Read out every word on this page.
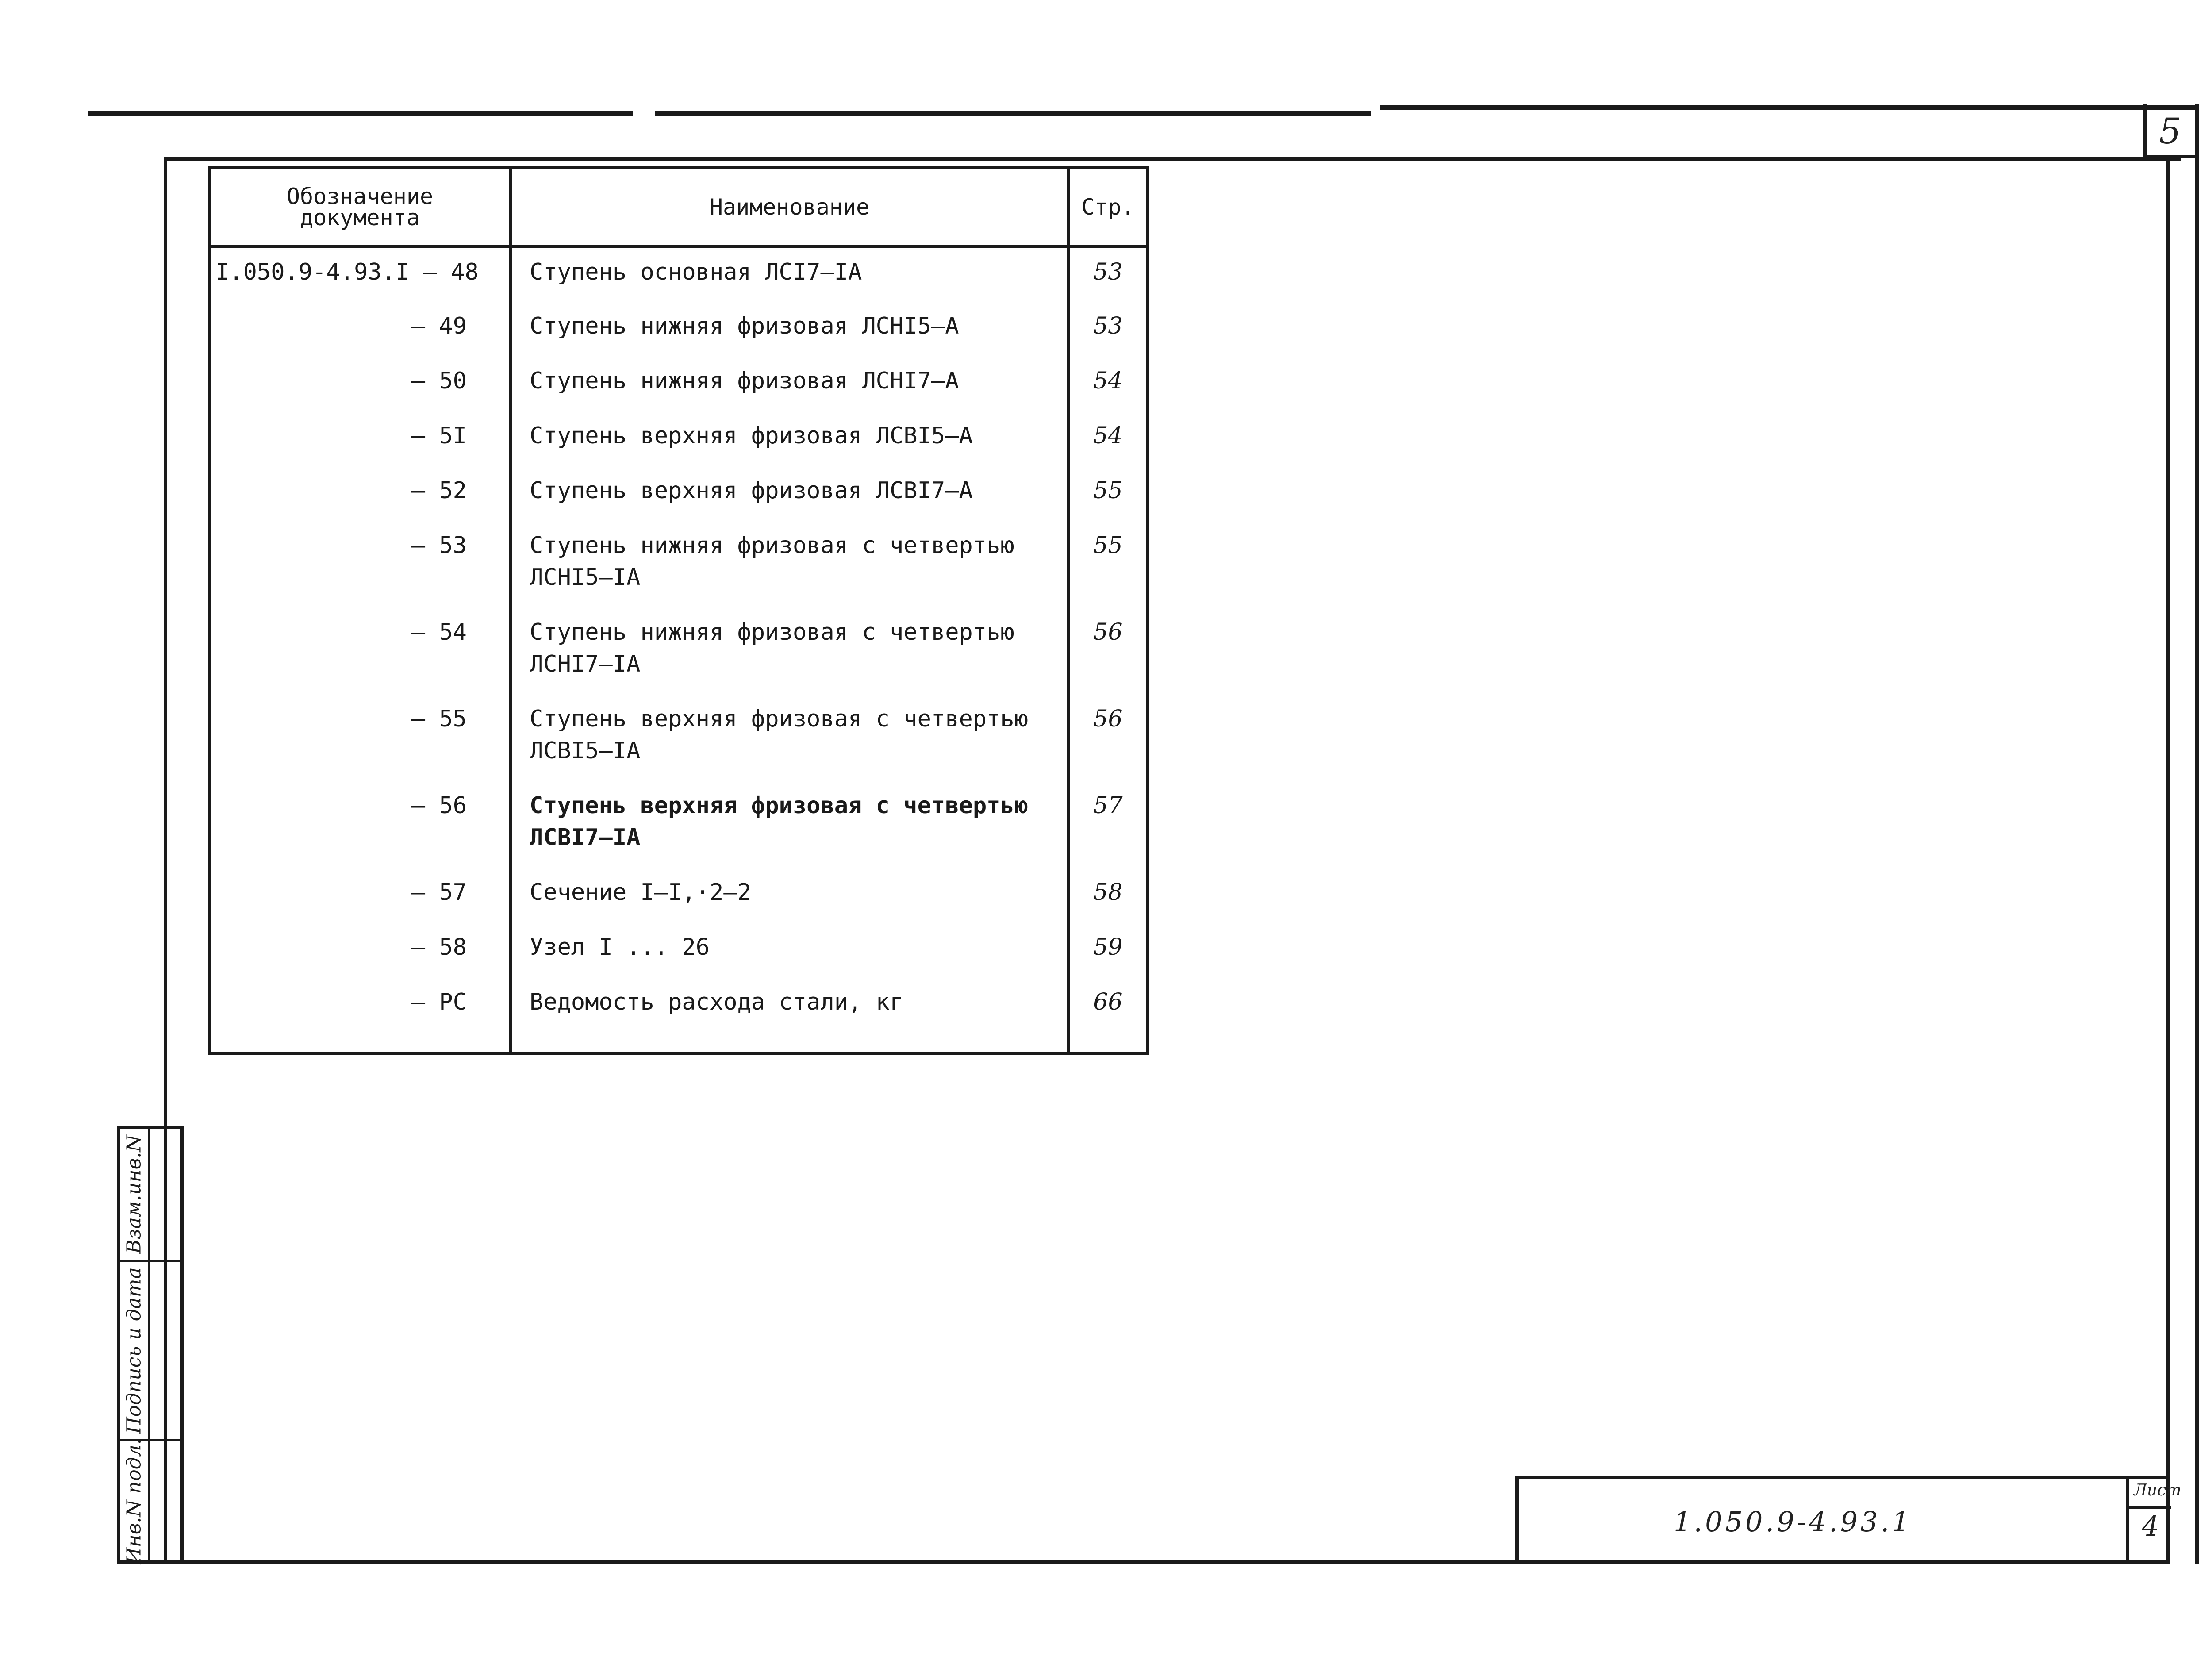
5
Обозначение документа	Наименование	Стр.
I.050.9-4.93.I – 48	Ступень основная ЛСI7–IА	53
– 49	Ступень нижняя фризовая ЛСНI5–А	53
– 50	Ступень нижняя фризовая ЛСНI7–А	54
– 5I	Ступень верхняя фризовая ЛСВI5–А	54
– 52	Ступень верхняя фризовая ЛСВI7–А	55
– 53	Ступень нижняя фризовая с четвертью ЛСНI5–IА	55
– 54	Ступень нижняя фризовая с четвертью ЛСНI7–IА	56
– 55	Ступень верхняя фризовая с четвертью ЛСВI5–IА	56
– 56	Ступень верхняя фризовая с четвертью ЛСВI7–IА	57
– 57	Сечение I–I,·2–2	58
– 58	Узел I ... 26	59
– РС	Ведомость расхода стали, кг	66
Взам.инв.N
Подпись и дата
Инв.N подл.	1.050.9-4.93.1
Лист
4
